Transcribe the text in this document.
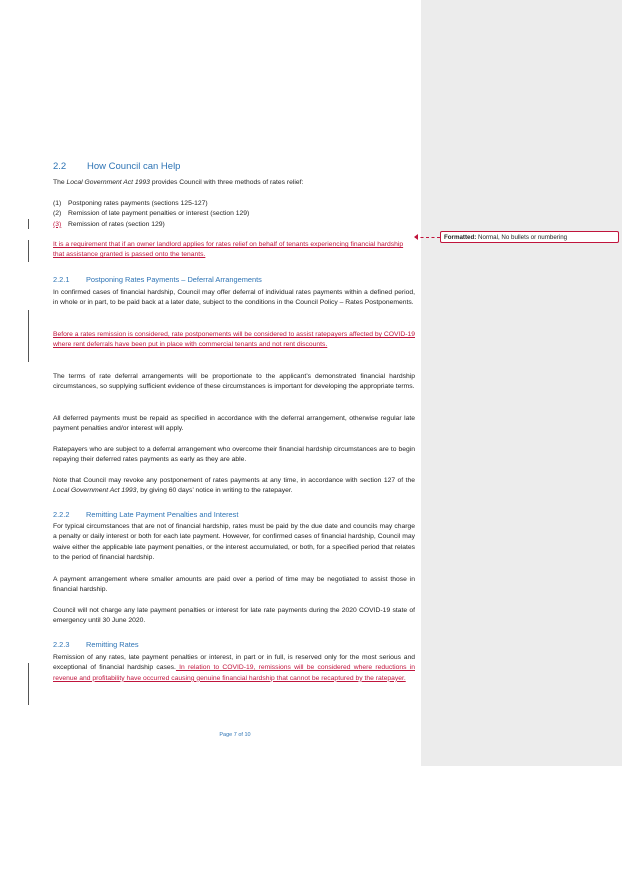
2.2 How Council can Help
The Local Government Act 1993 provides Council with three methods of rates relief:
(1) Postponing rates payments (sections 125-127)
(2) Remission of late payment penalties or interest (section 129)
(3) Remission of rates (section 129)
It is a requirement that if an owner landlord applies for rates relief on behalf of tenants experiencing financial hardship that assistance granted is passed onto the tenants.
Formatted: Normal, No bullets or numbering
2.2.1 Postponing Rates Payments – Deferral Arrangements
In confirmed cases of financial hardship, Council may offer deferral of individual rates payments within a defined period, in whole or in part, to be paid back at a later date, subject to the conditions in the Council Policy – Rates Postponements.
Before a rates remission is considered, rate postponements will be considered to assist ratepayers affected by COVID-19 where rent deferrals have been put in place with commercial tenants and not rent discounts.
The terms of rate deferral arrangements will be proportionate to the applicant’s demonstrated financial hardship circumstances, so supplying sufficient evidence of these circumstances is important for developing the appropriate terms.
All deferred payments must be repaid as specified in accordance with the deferral arrangement, otherwise regular late payment penalties and/or interest will apply.
Ratepayers who are subject to a deferral arrangement who overcome their financial hardship circumstances are to begin repaying their deferred rates payments as early as they are able.
Note that Council may revoke any postponement of rates payments at any time, in accordance with section 127 of the Local Government Act 1993, by giving 60 days’ notice in writing to the ratepayer.
2.2.2 Remitting Late Payment Penalties and Interest
For typical circumstances that are not of financial hardship, rates must be paid by the due date and councils may charge a penalty or daily interest or both for each late payment. However, for confirmed cases of financial hardship, Council may waive either the applicable late payment penalties, or the interest accumulated, or both, for a specified period that relates to the period of financial hardship.
A payment arrangement where smaller amounts are paid over a period of time may be negotiated to assist those in financial hardship.
Council will not charge any late payment penalties or interest for late rate payments during the 2020 COVID-19 state of emergency until 30 June 2020.
2.2.3 Remitting Rates
Remission of any rates, late payment penalties or interest, in part or in full, is reserved only for the most serious and exceptional of financial hardship cases. In relation to COVID-19, remissions will be considered where reductions in revenue and profitability have occurred causing genuine financial hardship that cannot be recaptured by the ratepayer.
Page 7 of 10
